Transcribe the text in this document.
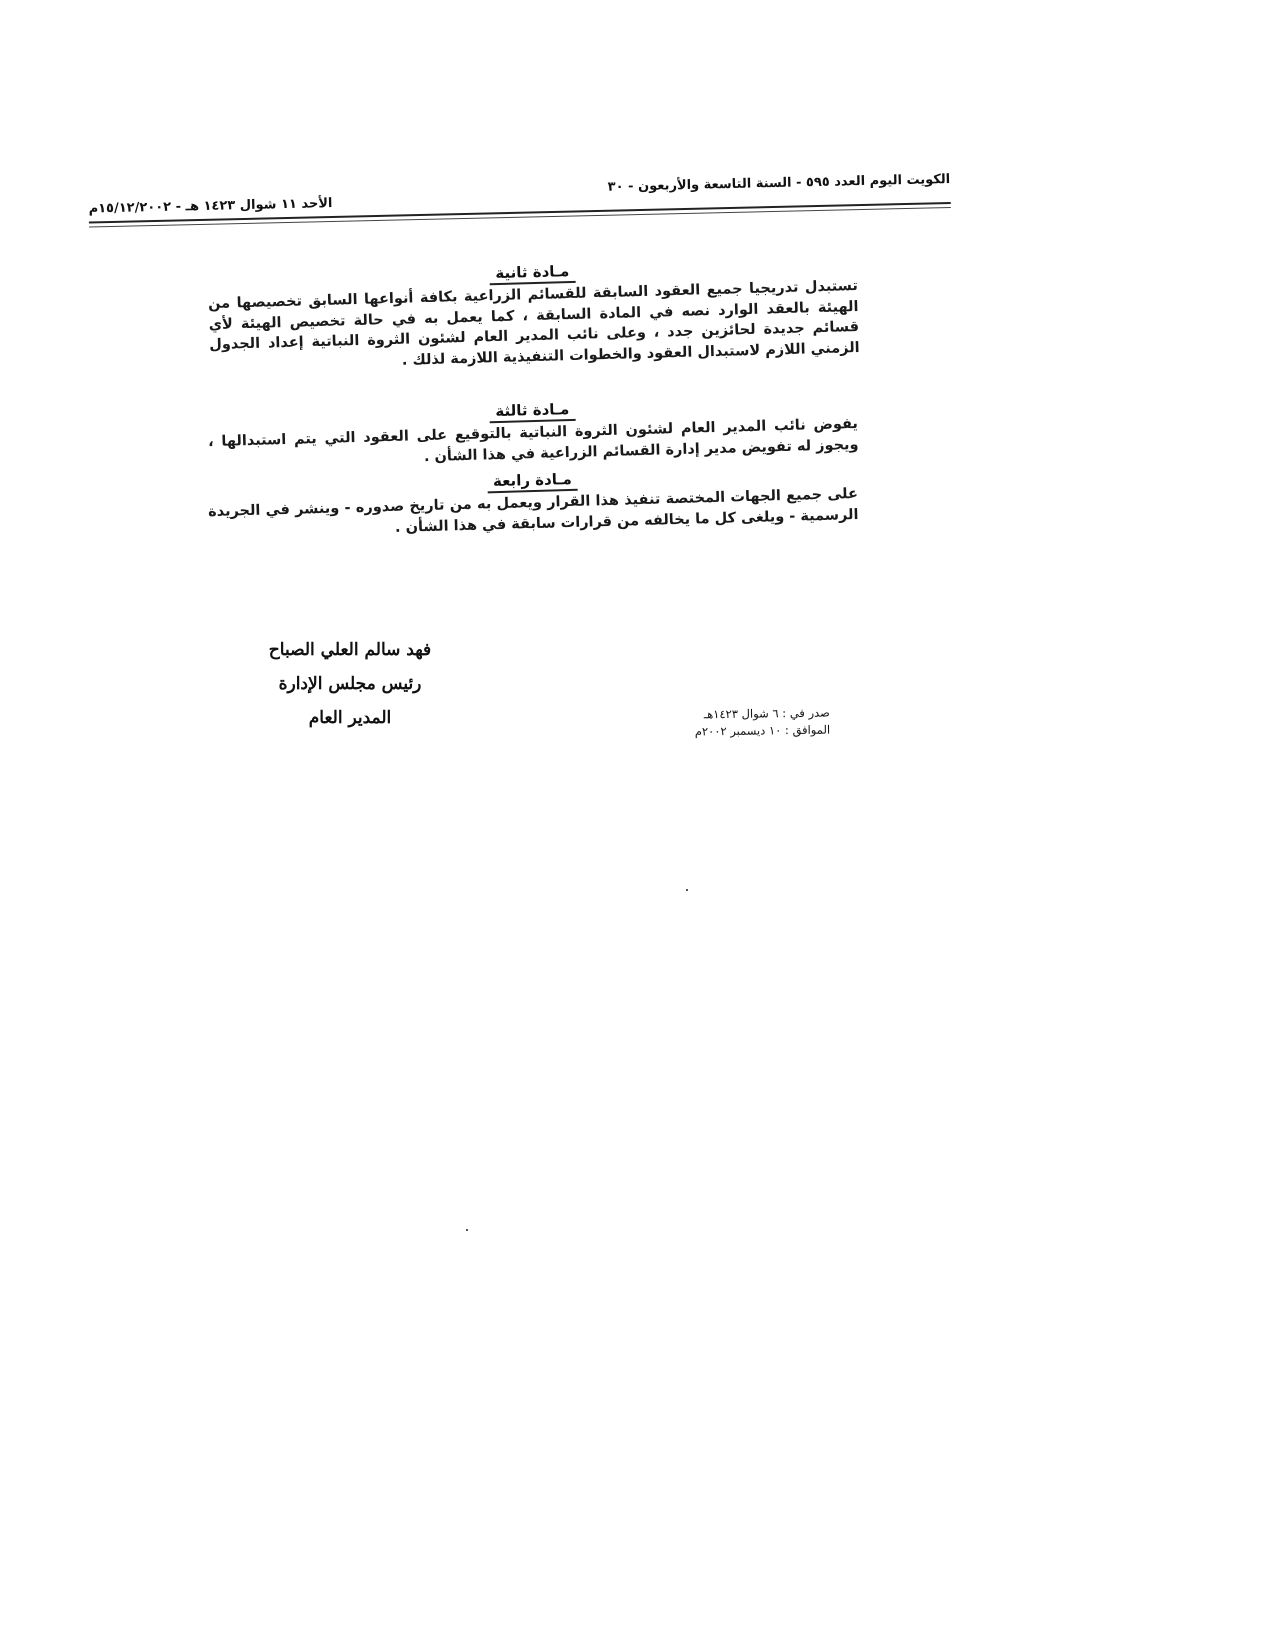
الكويت اليوم العدد ٥٩٥ - السنة التاسعة والأربعون - ٣٠
الأحد ١١ شوال ١٤٢٣ هـ - ١٥/١٢/٢٠٠٢م
مـادة ثانية

تستبدل تدريجيا جميع العقود السابقة للقسائم الزراعية بكافة أنواعها السابق تخصيصها من الهيئة بالعقد الوارد نصه في المادة السابقة ، كما يعمل به في حالة تخصيص الهيئة لأي قسائم جديدة لحائزين جدد ، وعلى نائب المدير العام لشئون الثروة النباتية إعداد الجدول الزمني اللازم لاستبدال العقود والخطوات التنفيذية اللازمة لذلك .

مـادة ثالثة

يفوض نائب المدير العام لشئون الثروة النباتية بالتوقيع على العقود التي يتم استبدالها ، ويجوز له تفويض مدير إدارة القسائم الزراعية في هذا الشأن .

مـادة رابعة

على جميع الجهات المختصة تنفيذ هذا القرار ويعمل به من تاريخ صدوره - وينشر في الجريدة الرسمية - ويلغى كل ما يخالفه من قرارات سابقة في هذا الشأن .

فهد سالم العلي الصباح
رئيس مجلس الإدارة
المدير العام	صدر في : ٦ شوال ١٤٢٣هـ
الموافق : ١٠ ديسمبر ٢٠٠٢م
